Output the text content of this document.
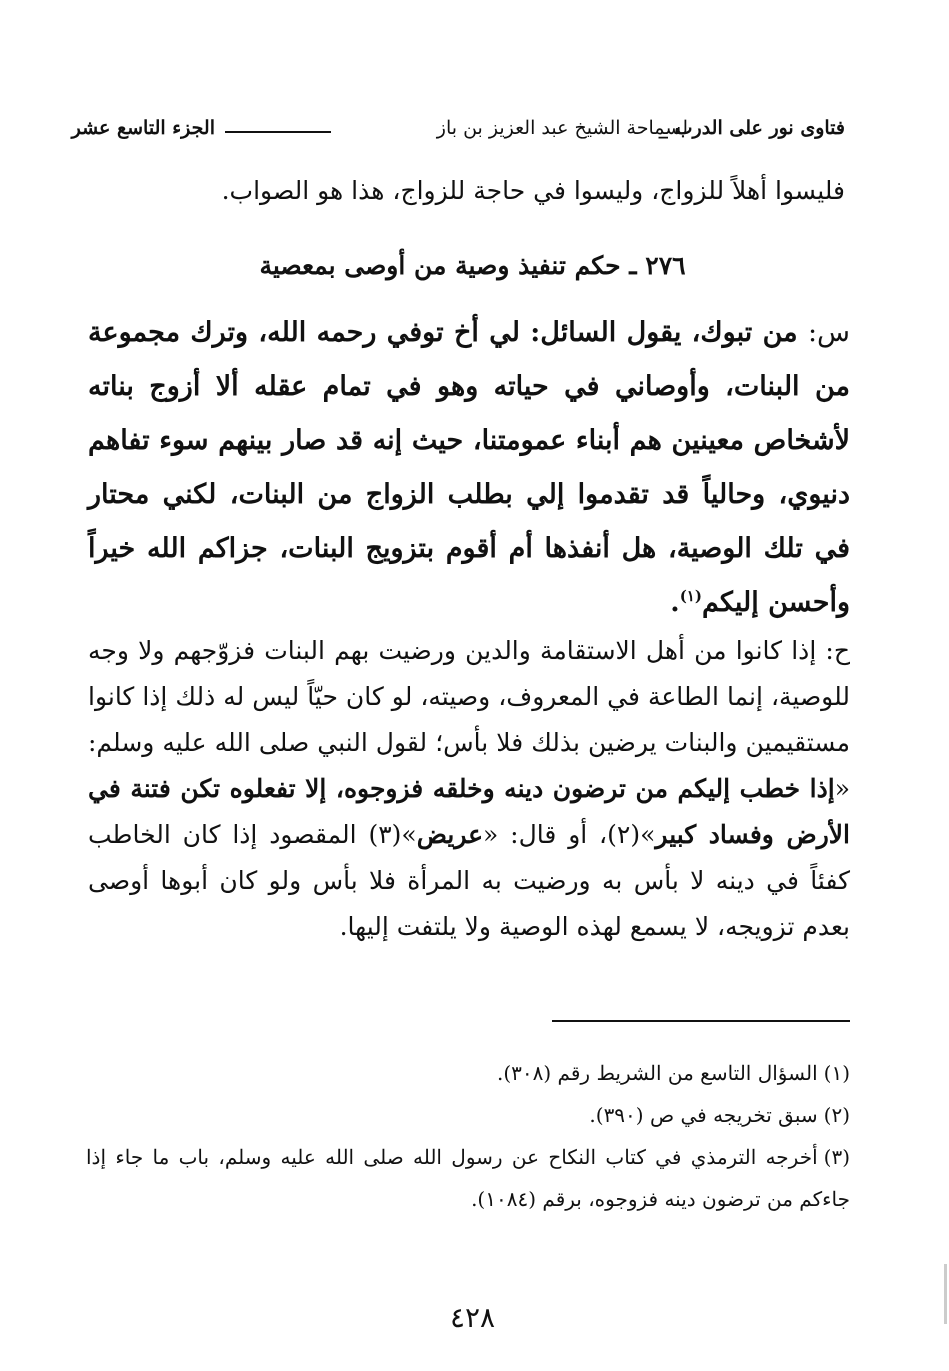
فتاوى نور على الدرب _
لسماحة الشيخ عبد العزيز بن باز
الجزء التاسع عشر

فليسوا أهلاً للزواج، وليسوا في حاجة للزواج، هذا هو الصواب.

٢٧٦ ـ حكم تنفيذ وصية من أوصى بمعصية

س: من تبوك، يقول السائل: لي أخ توفي رحمه الله، وترك مجموعة من البنات، وأوصاني في حياته وهو في تمام عقله ألا أزوج بناته لأشخاص معينين هم أبناء عمومتنا، حيث إنه قد صار بينهم سوء تفاهم دنيوي، وحالياً قد تقدموا إلي بطلب الزواج من البنات، لكني محتار في تلك الوصية، هل أنفذها أم أقوم بتزويج البنات، جزاكم الله خيراً وأحسن إليكم$^{(١)}$.

ح: إذا كانوا من أهل الاستقامة والدين ورضيت بهم البنات فزوّجهم ولا وجه للوصية، إنما الطاعة في المعروف، وصيته، لو كان حيّاً ليس له ذلك إذا كانوا مستقيمين والبنات يرضين بذلك فلا بأس؛ لقول النبي صلى الله عليه وسلم: «إذا خطب إليكم من ترضون دينه وخلقه فزوجوه، إلا تفعلوه تكن فتنة في الأرض وفساد كبير»(٢)، أو قال: «عريض»(٣) المقصود إذا كان الخاطب كفئاً في دينه لا بأس به ورضيت به المرأة فلا بأس ولو كان أبوها أوصى بعدم تزويجه، لا يسمع لهذه الوصية ولا يلتفت إليها.

(١)السؤال التاسع من الشريط رقم (٣٠٨).
(٢)سبق تخريجه في ص (٣٩٠).
(٣)أخرجه الترمذي في كتاب النكاح عن رسول الله صلى الله عليه وسلم، باب ما جاء إذا جاءكم من ترضون دينه فزوجوه، برقم (١٠٨٤).
٤٢٨
